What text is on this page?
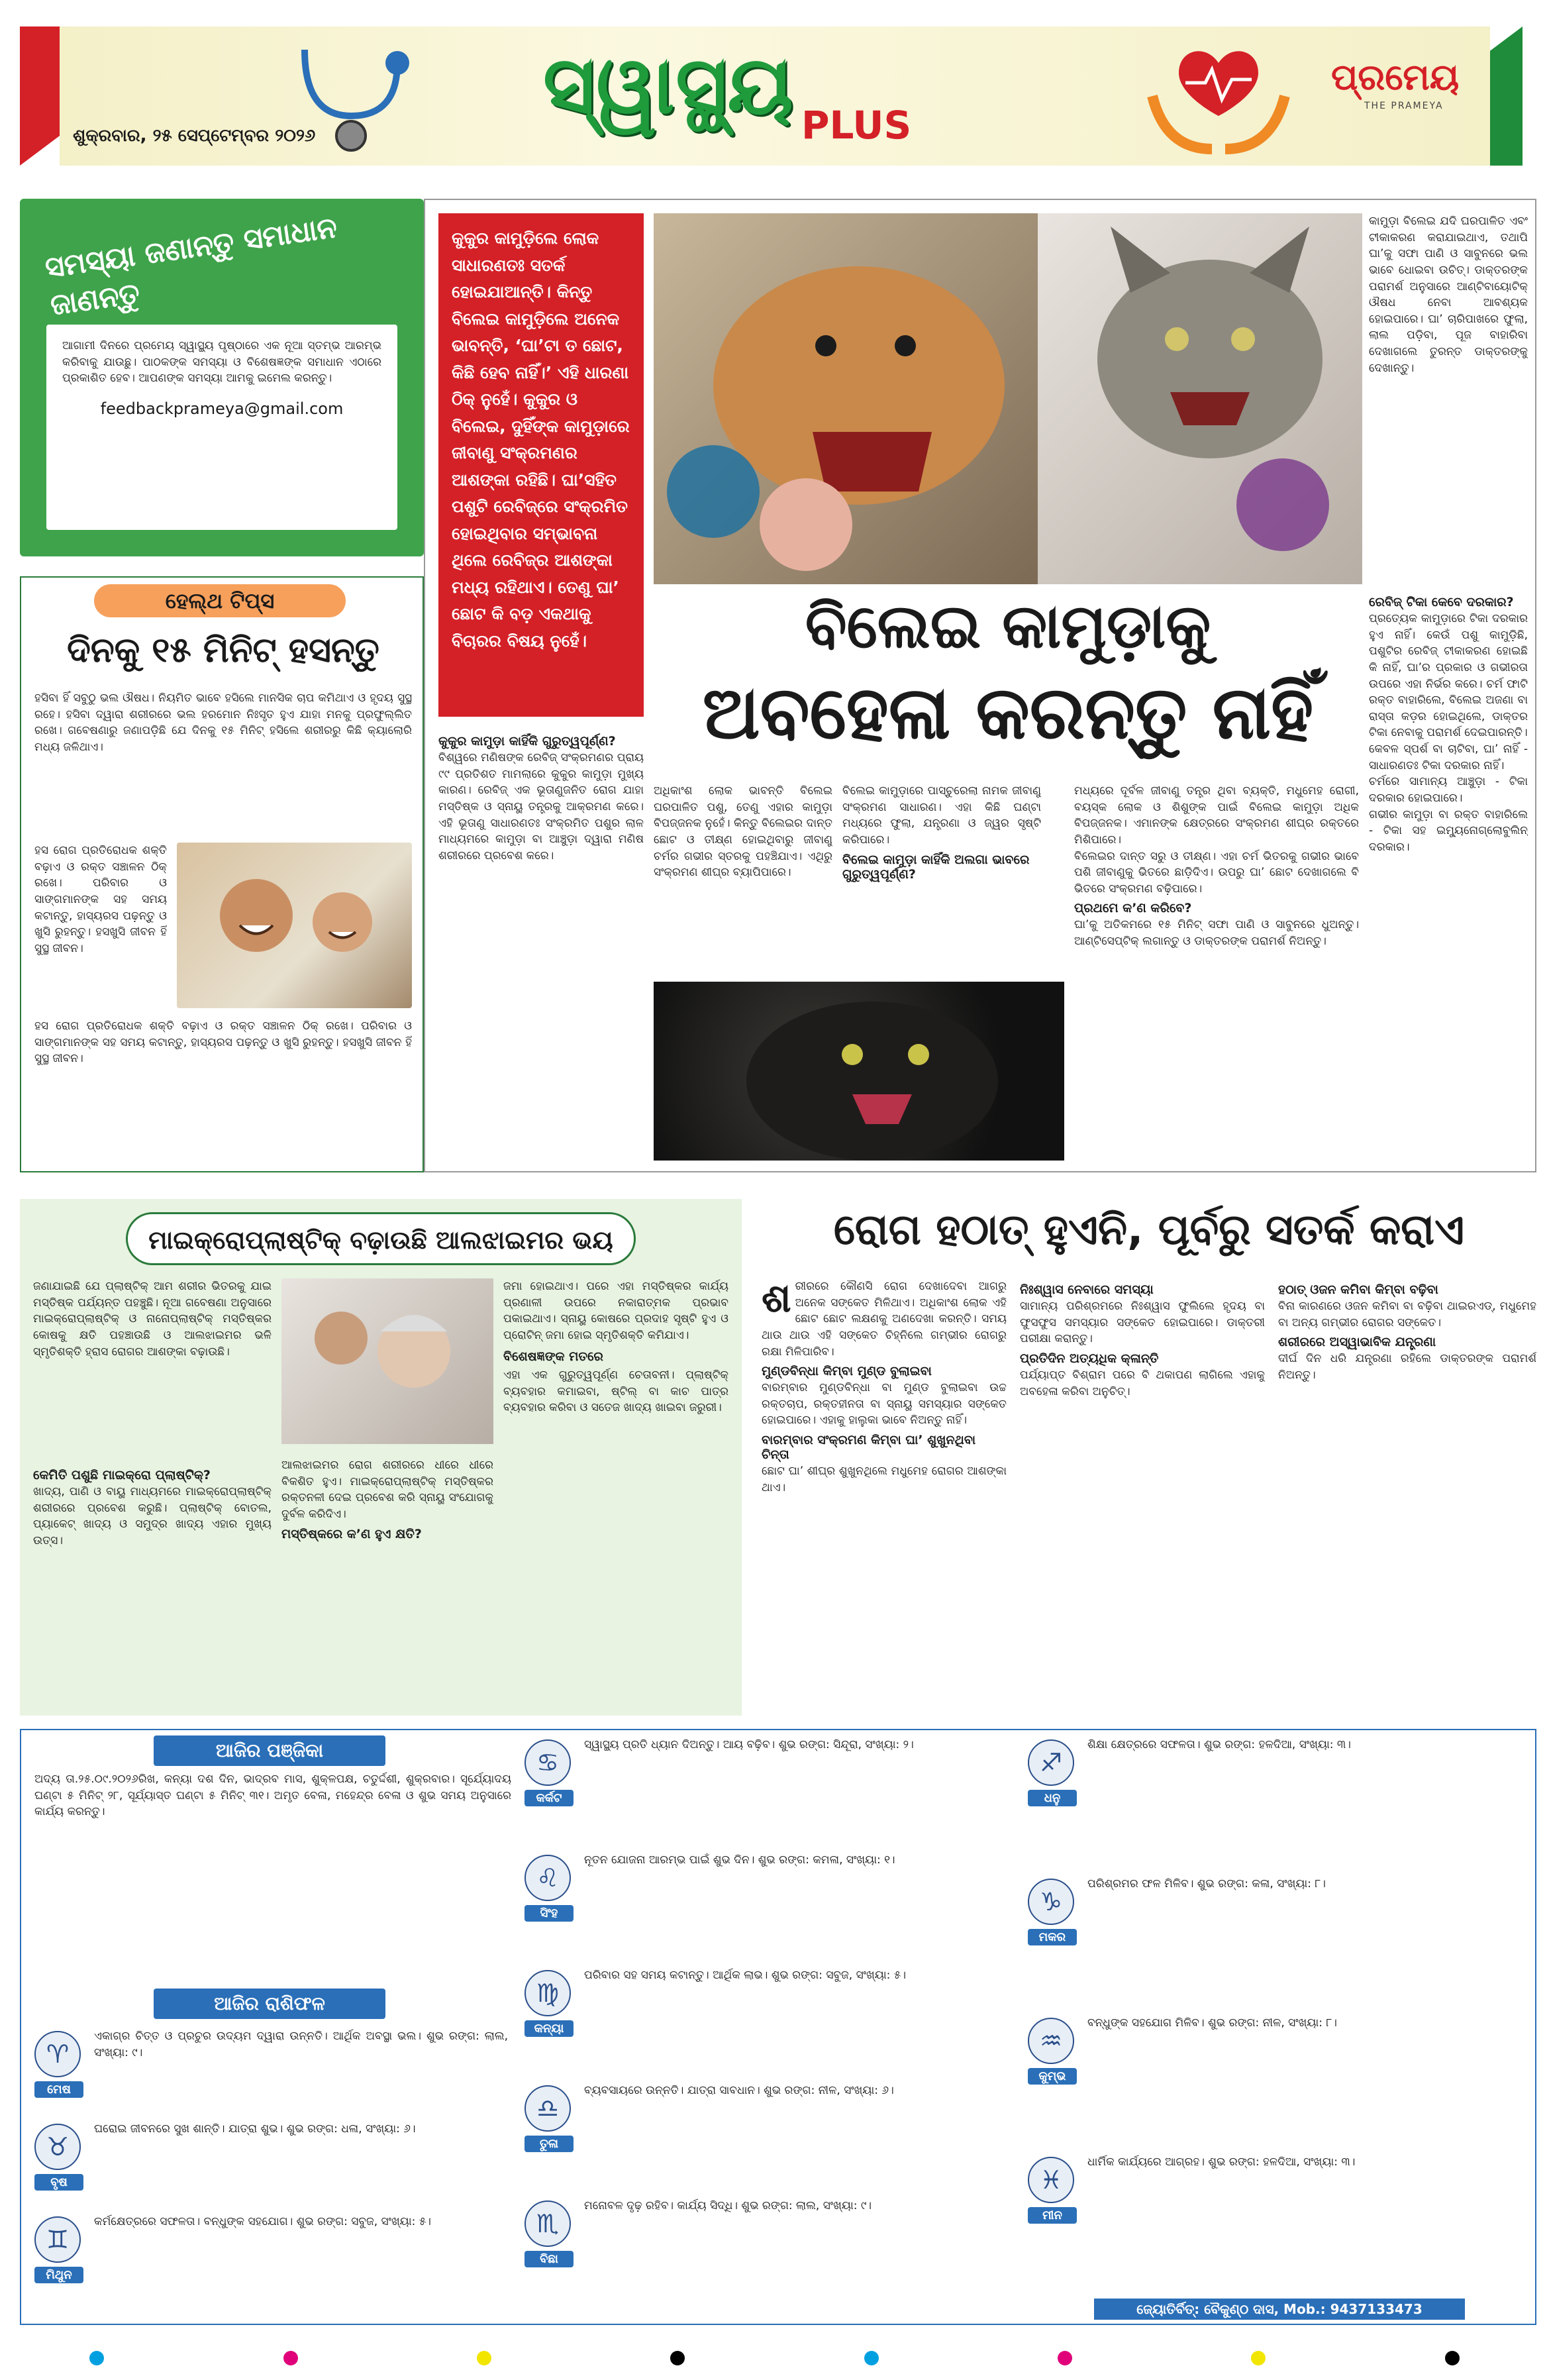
ସ୍ୱାସ୍ଥ୍ୟ PLUS
ଶୁକ୍ରବାର, ୨୫ ସେପ୍ଟେମ୍ବର ୨୦୨୬
ପ୍ରମେୟ
THE PRAMEYA
ସମସ୍ୟା ଜଣାନ୍ତୁ ସମାଧାନ ଜାଣନ୍ତୁ

ଆଗାମୀ ଦିନରେ ପ୍ରମେୟ ସ୍ୱାସ୍ଥ୍ୟ ପୃଷ୍ଠାରେ ଏକ ନୂଆ ସ୍ତମ୍ଭ ଆରମ୍ଭ କରିବାକୁ ଯାଉଛୁ। ପାଠକଙ୍କ ସମସ୍ୟା ଓ ବିଶେଷଜ୍ଞଙ୍କ ସମାଧାନ ଏଠାରେ ପ୍ରକାଶିତ ହେବ। ଆପଣଙ୍କ ସମସ୍ୟା ଆମକୁ ଇମେଲ କରନ୍ତୁ।

feedbackprameya@gmail.com
ହେଲ୍ଥ ଟିପ୍ସ
ଦିନକୁ ୧୫ ମିନିଟ୍ ହସନ୍ତୁ
ହସିବା ହିଁ ସବୁଠୁ ଭଲ ଔଷଧ। ନିୟମିତ ଭାବେ ହସିଲେ ମାନସିକ ଚାପ କମିଥାଏ ଓ ହୃଦୟ ସୁସ୍ଥ ରହେ। ହସିବା ଦ୍ୱାରା ଶରୀରରେ ଭଲ ହରମୋନ ନିଃସୃତ ହୁଏ ଯାହା ମନକୁ ପ୍ରଫୁଲ୍ଲିତ ରଖେ। ଗବେଷଣାରୁ ଜଣାପଡ଼ିଛି ଯେ ଦିନକୁ ୧୫ ମିନିଟ୍ ହସିଲେ ଶରୀରରୁ କିଛି କ୍ୟାଲୋରି ମଧ୍ୟ ଜଳିଥାଏ।
ହସ ରୋଗ ପ୍ରତିରୋଧକ ଶକ୍ତି ବଢ଼ାଏ ଓ ରକ୍ତ ସଞ୍ଚାଳନ ଠିକ୍ ରଖେ। ପରିବାର ଓ ସାଙ୍ଗମାନଙ୍କ ସହ ସମୟ କଟାନ୍ତୁ, ହାସ୍ୟରସ ପଢ଼ନ୍ତୁ ଓ ଖୁସି ରୁହନ୍ତୁ। ହସଖୁସି ଜୀବନ ହିଁ ସୁସ୍ଥ ଜୀବନ।
ହସ ରୋଗ ପ୍ରତିରୋଧକ ଶକ୍ତି ବଢ଼ାଏ ଓ ରକ୍ତ ସଞ୍ଚାଳନ ଠିକ୍ ରଖେ। ପରିବାର ଓ ସାଙ୍ଗମାନଙ୍କ ସହ ସମୟ କଟାନ୍ତୁ, ହାସ୍ୟରସ ପଢ଼ନ୍ତୁ ଓ ଖୁସି ରୁହନ୍ତୁ। ହସଖୁସି ଜୀବନ ହିଁ ସୁସ୍ଥ ଜୀବନ।
କୁକୁର କାମୁଡ଼ିଲେ ଲୋକ ସାଧାରଣତଃ ସତର୍କ ହୋଇଯାଆନ୍ତି। କିନ୍ତୁ ବିଲେଇ କାମୁଡ଼ିଲେ ଅନେକ ଭାବନ୍ତି, ‘ଘା’ଟା ତ ଛୋଟ, କିଛି ହେବ ନାହିଁ।’ ଏହି ଧାରଣା ଠିକ୍ ନୁହେଁ। କୁକୁର ଓ ବିଲେଇ, ଦୁହିଁଙ୍କ କାମୁଡ଼ାରେ ଜୀବାଣୁ ସଂକ୍ରମଣର ଆଶଙ୍କା ରହିଛି। ଘା’ସହିତ ପଶୁଟି ରେବିଜ୍‌ରେ ସଂକ୍ରମିତ ହୋଇଥିବାର ସମ୍ଭାବନା ଥିଲେ ରେବିଜ୍‌ର ଆଶଙ୍କା ମଧ୍ୟ ରହିଥାଏ। ତେଣୁ ଘା’ ଛୋଟ କି ବଡ଼ ଏକଥାକୁ ବିଚାରର ବିଷୟ ନୁହେଁ।
କାମୁଡ଼ା ବିଲେଇ ଯଦି ଘରପାଳିତ ଏବଂ ଟୀକାକରଣ କରାଯାଇଥାଏ, ତଥାପି ଘା’କୁ ସଫା ପାଣି ଓ ସାବୁନରେ ଭଲ ଭାବେ ଧୋଇବା ଉଚିତ୍। ଡାକ୍ତରଙ୍କ ପରାମର୍ଶ ଅନୁସାରେ ଆଣ୍ଟିବାୟୋଟିକ୍ ଔଷଧ ନେବା ଆବଶ୍ୟକ ହୋଇପାରେ। ଘା’ ଚାରିପାଖରେ ଫୁଲା, ଲାଲ ପଡ଼ିବା, ପୂଜ ବାହାରିବା ଦେଖାଗଲେ ତୁରନ୍ତ ଡାକ୍ତରଙ୍କୁ ଦେଖାନ୍ତୁ।
ବିଲେଇ କାମୁଡ଼ାକୁ
ଅବହେଳା କରନ୍ତୁ ନାହିଁ
ରେବିଜ୍ ଟିକା କେବେ ଦରକାର?

ପ୍ରତ୍ୟେକ କାମୁଡ଼ାରେ ଟିକା ଦରକାର ହୁଏ ନାହିଁ। କେଉଁ ପଶୁ କାମୁଡ଼ିଛି, ପଶୁଟିର ରେବିଜ୍ ଟୀକାକରଣ ହୋଇଛି କି ନାହିଁ, ଘା’ର ପ୍ରକାର ଓ ଗଭୀରତା ଉପରେ ଏହା ନିର୍ଭର କରେ। ଚର୍ମ ଫାଟି ରକ୍ତ ବାହାରିଲେ, ବିଲେଇ ଅଜଣା ବା ରାସ୍ତା କଡ଼ର ହୋଇଥିଲେ, ଡାକ୍ତର ଟିକା ନେବାକୁ ପରାମର୍ଶ ଦେଇପାରନ୍ତି।

କେବଳ ସ୍ପର୍ଶ ବା ଚାଟିବା, ଘା’ ନାହିଁ - ସାଧାରଣତଃ ଟିକା ଦରକାର ନାହିଁ।

ଚର୍ମରେ ସାମାନ୍ୟ ଆଞ୍ଚୁଡ଼ା - ଟିକା ଦରକାର ହୋଇପାରେ।

ଗଭୀର କାମୁଡ଼ା ବା ରକ୍ତ ବାହାରିଲେ - ଟିକା ସହ ଇମ୍ୟୁନୋଗ୍ଲୋବୁଲିନ୍ ଦରକାର।

କୁକୁର କାମୁଡ଼ା କାହିଁକି ଗୁରୁତ୍ୱପୂର୍ଣ୍ଣ?

ବିଶ୍ୱରେ ମଣିଷଙ୍କ ରେବିଜ୍ ସଂକ୍ରମଣର ପ୍ରାୟ ୯୯ ପ୍ରତିଶତ ମାମଲାରେ କୁକୁର କାମୁଡ଼ା ମୁଖ୍ୟ କାରଣ। ରେବିଜ୍ ଏକ ଭୂତାଣୁଜନିତ ରୋଗ ଯାହା ମସ୍ତିଷ୍କ ଓ ସ୍ନାୟୁ ତନ୍ତ୍ରକୁ ଆକ୍ରମଣ କରେ। ଏହି ଭୂତାଣୁ ସାଧାରଣତଃ ସଂକ୍ରମିତ ପଶୁର ଲାଳ ମାଧ୍ୟମରେ କାମୁଡ଼ା ବା ଆଞ୍ଚୁଡ଼ା ଦ୍ୱାରା ମଣିଷ ଶରୀରରେ ପ୍ରବେଶ କରେ।

ଅଧିକାଂଶ ଲୋକ ଭାବନ୍ତି ବିଲେଇ ଘରପାଳିତ ପଶୁ, ତେଣୁ ଏହାର କାମୁଡ଼ା ବିପଜ୍ଜନକ ନୁହେଁ। କିନ୍ତୁ ବିଲେଇର ଦାନ୍ତ ଛୋଟ ଓ ତୀକ୍ଷ୍ଣ ହୋଇଥିବାରୁ ଜୀବାଣୁ ଚର୍ମର ଗଭୀର ସ୍ତରକୁ ପହଞ୍ଚିଯାଏ। ଏଥିରୁ ସଂକ୍ରମଣ ଶୀଘ୍ର ବ୍ୟାପିପାରେ।

ବିଲେଇ କାମୁଡ଼ାରେ ପାସ୍ଚୁରେଲା ନାମକ ଜୀବାଣୁ ସଂକ୍ରମଣ ସାଧାରଣ। ଏହା କିଛି ଘଣ୍ଟା ମଧ୍ୟରେ ଫୁଲା, ଯନ୍ତ୍ରଣା ଓ ଜ୍ୱର ସୃଷ୍ଟି କରିପାରେ।

ବିଲେଇ କାମୁଡ଼ା କାହିଁକି ଅଲଗା ଭାବରେ ଗୁରୁତ୍ୱପୂର୍ଣ୍ଣ?

ମଧ୍ୟରେ ଦୂର୍ବଳ ଜୀବାଣୁ ତନ୍ତ୍ର ଥିବା ବ୍ୟକ୍ତି, ମଧୁମେହ ରୋଗୀ, ବୟସ୍କ ଲୋକ ଓ ଶିଶୁଙ୍କ ପାଇଁ ବିଲେଇ କାମୁଡ଼ା ଅଧିକ ବିପଜ୍ଜନକ। ଏମାନଙ୍କ କ୍ଷେତ୍ରରେ ସଂକ୍ରମଣ ଶୀଘ୍ର ରକ୍ତରେ ମିଶିପାରେ।

ବିଲେଇର ଦାନ୍ତ ସରୁ ଓ ତୀକ୍ଷ୍ଣ। ଏହା ଚର୍ମ ଭିତରକୁ ଗଭୀର ଭାବେ ପଶି ଜୀବାଣୁକୁ ଭିତରେ ଛାଡ଼ିଦିଏ। ଉପରୁ ଘା’ ଛୋଟ ଦେଖାଗଲେ ବି ଭିତରେ ସଂକ୍ରମଣ ବଢ଼ିପାରେ।

ପ୍ରଥମେ କ’ଣ କରିବେ?

ଘା’କୁ ଅତିକମରେ ୧୫ ମିନିଟ୍ ସଫା ପାଣି ଓ ସାବୁନରେ ଧୁଅନ୍ତୁ। ଆଣ୍ଟିସେପ୍ଟିକ୍ ଲଗାନ୍ତୁ ଓ ଡାକ୍ତରଙ୍କ ପରାମର୍ଶ ନିଅନ୍ତୁ।

ମାଇକ୍ରୋପ୍ଲାଷ୍ଟିକ୍ ବଢ଼ାଉଛି ଆଲଝାଇମର ଭୟ
ଜଣାଯାଇଛି ଯେ ପ୍ଲାଷ୍ଟିକ୍ ଆମ ଶରୀର ଭିତରକୁ ଯାଇ ମସ୍ତିଷ୍କ ପର୍ଯ୍ୟନ୍ତ ପହଞ୍ଚୁଛି। ନୂଆ ଗବେଷଣା ଅନୁସାରେ ମାଇକ୍ରୋପ୍ଲାଷ୍ଟିକ୍ ଓ ନାନୋପ୍ଲାଷ୍ଟିକ୍ ମସ୍ତିଷ୍କର କୋଷକୁ କ୍ଷତି ପହଞ୍ଚାଉଛି ଓ ଆଲଝାଇମର ଭଳି ସ୍ମୃତିଶକ୍ତି ହ୍ରାସ ରୋଗର ଆଶଙ୍କା ବଢ଼ାଉଛି।

ଜମା ହୋଇଥାଏ। ପରେ ଏହା ମସ୍ତିଷ୍କର କାର୍ଯ୍ୟ ପ୍ରଣାଳୀ ଉପରେ ନକାରାତ୍ମକ ପ୍ରଭାବ ପକାଇଥାଏ। ସ୍ନାୟୁ କୋଷରେ ପ୍ରଦାହ ସୃଷ୍ଟି ହୁଏ ଓ ପ୍ରୋଟିନ୍ ଜମା ହୋଇ ସ୍ମୃତିଶକ୍ତି କମିଯାଏ।

ବିଶେଷଜ୍ଞଙ୍କ ମତରେ

ଏହା ଏକ ଗୁରୁତ୍ୱପୂର୍ଣ୍ଣ ଚେତାବନୀ। ପ୍ଲାଷ୍ଟିକ୍ ବ୍ୟବହାର କମାଇବା, ଷ୍ଟିଲ୍ ବା କାଚ ପାତ୍ର ବ୍ୟବହାର କରିବା ଓ ସତେଜ ଖାଦ୍ୟ ଖାଇବା ଜରୁରୀ।

କେମିତି ପଶୁଛି ମାଇକ୍ରୋ ପ୍ଲାଷ୍ଟିକ୍?

ଖାଦ୍ୟ, ପାଣି ଓ ବାୟୁ ମାଧ୍ୟମରେ ମାଇକ୍ରୋପ୍ଲାଷ୍ଟିକ୍ ଶରୀରରେ ପ୍ରବେଶ କରୁଛି। ପ୍ଲାଷ୍ଟିକ୍ ବୋତଲ, ପ୍ୟାକେଟ୍ ଖାଦ୍ୟ ଓ ସମୁଦ୍ର ଖାଦ୍ୟ ଏହାର ମୁଖ୍ୟ ଉତ୍ସ।

ଆଲଝାଇମର ରୋଗ ଶରୀରରେ ଧୀରେ ଧୀରେ ବିକଶିତ ହୁଏ। ମାଇକ୍ରୋପ୍ଲାଷ୍ଟିକ୍ ମସ୍ତିଷ୍କର ରକ୍ତନଳୀ ଦେଇ ପ୍ରବେଶ କରି ସ୍ନାୟୁ ସଂଯୋଗକୁ ଦୁର୍ବଳ କରିଦିଏ।

ମସ୍ତିଷ୍କରେ କ’ଣ ହୁଏ କ୍ଷତି?
ରୋଗ ହଠାତ୍ ହୁଏନି, ପୂର୍ବରୁ ସତର୍କ କରାଏ

ଶରୀରରେ କୌଣସି ରୋଗ ଦେଖାଦେବା ଆଗରୁ ଅନେକ ସଙ୍କେତ ମିଳିଥାଏ। ଅଧିକାଂଶ ଲୋକ ଏହି ଛୋଟ ଛୋଟ ଲକ୍ଷଣକୁ ଅଣଦେଖା କରନ୍ତି। ସମୟ ଥାଉ ଥାଉ ଏହି ସଙ୍କେତ ଚିହ୍ନିଲେ ଗମ୍ଭୀର ରୋଗରୁ ରକ୍ଷା ମିଳିପାରିବ।

ମୁଣ୍ଡବିନ୍ଧା କିମ୍ବା ମୁଣ୍ଡ ବୁଲାଇବା

ବାରମ୍ବାର ମୁଣ୍ଡବିନ୍ଧା ବା ମୁଣ୍ଡ ବୁଲାଇବା ଉଚ୍ଚ ରକ୍ତଚାପ, ରକ୍ତହୀନତା ବା ସ୍ନାୟୁ ସମସ୍ୟାର ସଙ୍କେତ ହୋଇପାରେ। ଏହାକୁ ହାଲୁକା ଭାବେ ନିଅନ୍ତୁ ନାହିଁ।

ବାରମ୍ବାର ସଂକ୍ରମଣ କିମ୍ବା ଘା’ ଶୁଖୁନଥିବା ଚିନ୍ତା

ଛୋଟ ଘା’ ଶୀଘ୍ର ଶୁଖୁନଥିଲେ ମଧୁମେହ ରୋଗର ଆଶଙ୍କା ଥାଏ।

ନିଃଶ୍ୱାସ ନେବାରେ ସମସ୍ୟା

ସାମାନ୍ୟ ପରିଶ୍ରମରେ ନିଃଶ୍ୱାସ ଫୁଲିଲେ ହୃଦୟ ବା ଫୁସଫୁସ ସମସ୍ୟାର ସଙ୍କେତ ହୋଇପାରେ। ଡାକ୍ତରୀ ପରୀକ୍ଷା କରାନ୍ତୁ।

ପ୍ରତିଦିନ ଅତ୍ୟଧିକ କ୍ଳାନ୍ତି

ପର୍ଯ୍ୟାପ୍ତ ବିଶ୍ରାମ ପରେ ବି ଥକାପଣ ଲାଗିଲେ ଏହାକୁ ଅବହେଳା କରିବା ଅନୁଚିତ୍।

ହଠାତ୍ ଓଜନ କମିବା କିମ୍ବା ବଢ଼ିବା

ବିନା କାରଣରେ ଓଜନ କମିବା ବା ବଢ଼ିବା ଥାଇରଏଡ୍, ମଧୁମେହ ବା ଅନ୍ୟ ଗମ୍ଭୀର ରୋଗର ସଙ୍କେତ।

ଶରୀରରେ ଅସ୍ୱାଭାବିକ ଯନ୍ତ୍ରଣା

ଦୀର୍ଘ ଦିନ ଧରି ଯନ୍ତ୍ରଣା ରହିଲେ ଡାକ୍ତରଙ୍କ ପରାମର୍ଶ ନିଅନ୍ତୁ।

ଆଜିର ପଞ୍ଜିକା
ଅଦ୍ୟ ତା.୨୫.୦୯.୨୦୨୬ରିଖ, କନ୍ୟା ଦଶ ଦିନ, ଭାଦ୍ରବ ମାସ, ଶୁକ୍ଳପକ୍ଷ, ଚତୁର୍ଦ୍ଦଶୀ, ଶୁକ୍ରବାର। ସୂର୍ଯ୍ୟୋଦୟ ଘଣ୍ଟା ୫ ମିନିଟ୍ ୨୮, ସୂର୍ଯ୍ୟାସ୍ତ ଘଣ୍ଟା ୫ ମିନିଟ୍ ୩୧। ଅମୃତ ବେଳା, ମହେନ୍ଦ୍ର ବେଳା ଓ ଶୁଭ ସମୟ ଅନୁସାରେ କାର୍ଯ୍ୟ କରନ୍ତୁ।
ଆଜିର ରାଶିଫଳ
♈
ମେଷ
ଏକାଗ୍ର ଚିତ୍ତ ଓ ପ୍ରଚୁର ଉଦ୍ୟମ ଦ୍ୱାରା ଉନ୍ନତି। ଆର୍ଥିକ ଅବସ୍ଥା ଭଲ। ଶୁଭ ରଙ୍ଗ: ଲାଲ, ସଂଖ୍ୟା: ୯।
♉
ବୃଷ
ଘରୋଇ ଜୀବନରେ ସୁଖ ଶାନ୍ତି। ଯାତ୍ରା ଶୁଭ। ଶୁଭ ରଙ୍ଗ: ଧଳା, ସଂଖ୍ୟା: ୬।
♊
ମିଥୁନ
କର୍ମକ୍ଷେତ୍ରରେ ସଫଳତା। ବନ୍ଧୁଙ୍କ ସହଯୋଗ। ଶୁଭ ରଙ୍ଗ: ସବୁଜ, ସଂଖ୍ୟା: ୫।
♋
କର୍କଟ
ସ୍ୱାସ୍ଥ୍ୟ ପ୍ରତି ଧ୍ୟାନ ଦିଅନ୍ତୁ। ଆୟ ବଢ଼ିବ। ଶୁଭ ରଙ୍ଗ: ସିନ୍ଦୂରା, ସଂଖ୍ୟା: ୨।
♌
ସିଂହ
ନୂତନ ଯୋଜନା ଆରମ୍ଭ ପାଇଁ ଶୁଭ ଦିନ। ଶୁଭ ରଙ୍ଗ: କମଳା, ସଂଖ୍ୟା: ୧।
♍
କନ୍ୟା
ପରିବାର ସହ ସମୟ କଟାନ୍ତୁ। ଆର୍ଥିକ ଲାଭ। ଶୁଭ ରଙ୍ଗ: ସବୁଜ, ସଂଖ୍ୟା: ୫।
♎
ତୁଳା
ବ୍ୟବସାୟରେ ଉନ୍ନତି। ଯାତ୍ରା ସାବଧାନ। ଶୁଭ ରଙ୍ଗ: ନୀଳ, ସଂଖ୍ୟା: ୬।
♏
ବିଛା
ମନୋବଳ ଦୃଢ଼ ରହିବ। କାର୍ଯ୍ୟ ସିଦ୍ଧି। ଶୁଭ ରଙ୍ଗ: ଲାଲ, ସଂଖ୍ୟା: ୯।
♐
ଧନୁ
ଶିକ୍ଷା କ୍ଷେତ୍ରରେ ସଫଳତା। ଶୁଭ ରଙ୍ଗ: ହଳଦିଆ, ସଂଖ୍ୟା: ୩।
♑
ମକର
ପରିଶ୍ରମର ଫଳ ମିଳିବ। ଶୁଭ ରଙ୍ଗ: କଳା, ସଂଖ୍ୟା: ୮।
♒
କୁମ୍ଭ
ବନ୍ଧୁଙ୍କ ସହଯୋଗ ମିଳିବ। ଶୁଭ ରଙ୍ଗ: ନୀଳ, ସଂଖ୍ୟା: ୮।
♓
ମୀନ
ଧାର୍ମିକ କାର୍ଯ୍ୟରେ ଆଗ୍ରହ। ଶୁଭ ରଙ୍ଗ: ହଳଦିଆ, ସଂଖ୍ୟା: ୩।
ଜ୍ୟୋତିର୍ବିତ୍: ବୈକୁଣ୍ଠ ଦାସ, Mob.: 9437133473
